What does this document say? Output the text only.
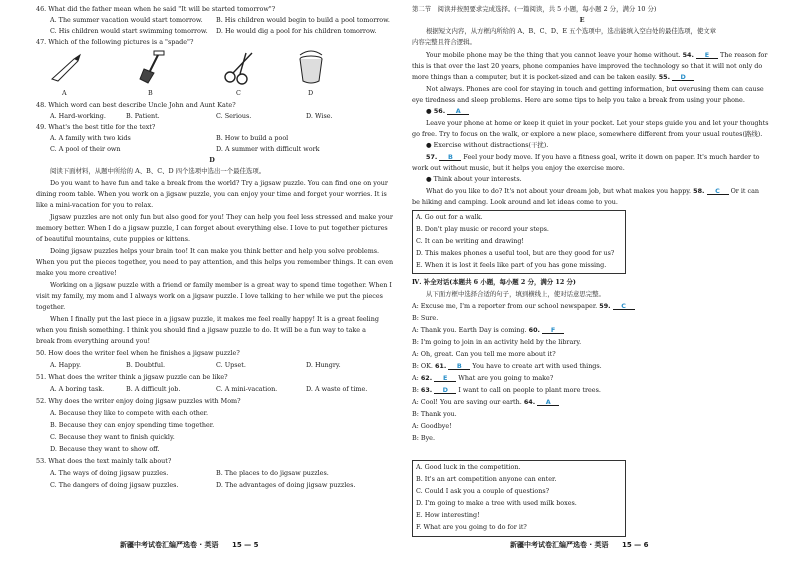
46. What did the father mean when he said "It will be started tomorrow"?
A. The summer vacation would start tomorrow. B. His children would begin to build a pool tomorrow.
C. His children would start swimming tomorrow. D. He would dig a pool for his children tomorrow.
47. Which of the following pictures is a "spade"?
A	B	C	D
48. Which word can best describe Uncle John and Aunt Kate?
A. Hard-working.	B. Patient.	C. Serious.	D. Wise.
49. What's the best title for the text?
A. A family with two kids	B. How to build a pool
C. A pool of their own	D. A summer with difficult work
D
阅读下面材料，从题中所给的 A、B、C、D 四个选项中选出一个最佳选项。
Do you want to have fun and take a break from the world? Try a jigsaw puzzle. You can find one on your
dining room table. When you work on a jigsaw puzzle, you can enjoy your time and forget your worries. It is
like a mini-vacation for you to relax.
Jigsaw puzzles are not only fun but also good for you! They can help you feel less stressed and make your
memory better. When I do a jigsaw puzzle, I can forget about everything else. I love to put together pictures
of beautiful mountains, cute puppies or kittens.
Doing jigsaw puzzles helps your brain too! It can make you think better and help you solve problems.
When you put the pieces together, you need to pay attention, and this helps you remember things. It can even
make you more creative!
Working on a jigsaw puzzle with a friend or family member is a great way to spend time together. When I
visit my family, my mom and I always work on a jigsaw puzzle. I love talking to her while we put the pieces
together.
When I finally put the last piece in a jigsaw puzzle, it makes me feel really happy! It is a great feeling
when you finish something. I think you should find a jigsaw puzzle to do. It will be a fun way to take a
break from everything around you!
50. How does the writer feel when he finishes a jigsaw puzzle?
A. Happy.	B. Doubtful.	C. Upset.	D. Hungry.
51. What does the writer think a jigsaw puzzle can be like?
A. A boring task.	B. A difficult job.	C. A mini-vacation.	D. A waste of time.
52. Why does the writer enjoy doing jigsaw puzzles with Mom?
A. Because they like to compete with each other.
B. Because they can enjoy spending time together.
C. Because they want to finish quickly.
D. Because they want to show off.
53. What does the text mainly talk about?
A. The ways of doing jigsaw puzzles.	B. The places to do jigsaw puzzles.
C. The dangers of doing jigsaw puzzles.	D. The advantages of doing jigsaw puzzles.
新疆中考试卷汇编严选卷 · 英语 15 — 5
第二节　阅读并按照要求完成选择。(一篇阅读，共 5 小题，每小题 2 分，满分 10 分)
E
根据短文内容，从方框内所给的 A、B、C、D、E 五个选项中，选出能填入空白处的最佳选项，使文章
内容完整且符合逻辑。
Your mobile phone may be the thing that you cannot leave your home without. 54. E The reason for
this is that over the last 20 years, phone companies have improved the technology so that it will not only do
more things than a computer, but it is pocket-sized and can be taken easily. 55. D
Not always. Phones are cool for staying in touch and getting information, but overusing them can cause
eye tiredness and sleep problems. Here are some tips to help you take a break from using your phone.
● 56. A
Leave your phone at home or keep it quiet in your pocket. Let your steps guide you and let your thoughts
go free. Try to focus on the walk, or explore a new place, somewhere different from your usual routes(路线).
● Exercise without distractions(干扰).
57. B Feel your body move. If you have a fitness goal, write it down on paper. It's much harder to
work out without music, but it helps you enjoy the exercise more.
● Think about your interests.
What do you like to do? It's not about your dream job, but what makes you happy. 58. C Or it can
be hiking and camping. Look around and let ideas come to you.
A. Go out for a walk.
B. Don't play music or record your steps.
C. It can be writing and drawing!
D. This makes phones a useful tool, but are they good for us?
E. When it is lost it feels like part of you has gone missing.
Ⅳ. 补全对话(本题共 6 小题，每小题 2 分，满分 12 分)
从下面方框中选择合适的句子，填到横线上，使对话意思完整。
A: Excuse me, I'm a reporter from our school newspaper. 59. C
B: Sure.
A: Thank you. Earth Day is coming. 60. F
B: I'm going to join in an activity held by the library.
A: Oh, great. Can you tell me more about it?
B: OK. 61. B You have to create art with used things.
A: 62. E What are you going to make?
B: 63. D I want to call on people to plant more trees.
A: Cool! You are saving our earth. 64. A
B: Thank you.
A: Goodbye!
B: Bye.
A. Good luck in the competition.
B. It's an art competition anyone can enter.
C. Could I ask you a couple of questions?
D. I'm going to make a tree with used milk boxes.
E. How interesting!
F. What are you going to do for it?
新疆中考试卷汇编严选卷 · 英语 15 — 6
